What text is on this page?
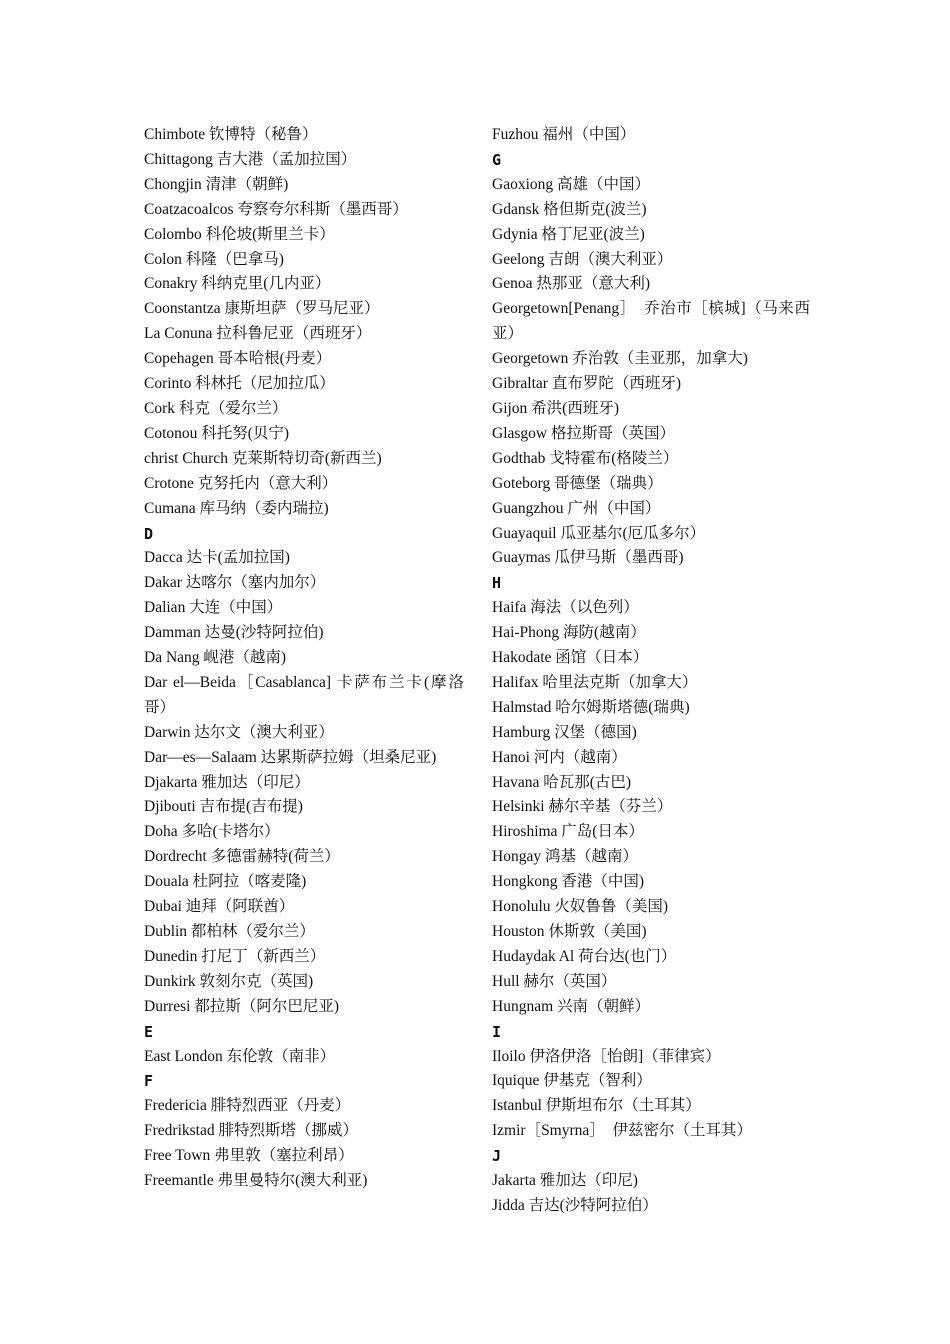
Chimbote 钦博特（秘鲁）
Chittagong 吉大港（孟加拉国）
Chongjin 清津（朝鲜)
Coatzacoalcos 夸察夸尔科斯（墨西哥）
Colombo 科伦坡(斯里兰卡）
Colon 科隆（巴拿马)
Conakry 科纳克里(几内亚）
Coonstantza 康斯坦萨（罗马尼亚）
La Conuna 拉科鲁尼亚（西班牙）
Copehagen 哥本哈根(丹麦）
Corinto 科林托（尼加拉瓜）
Cork 科克（爱尔兰）
Cotonou 科托努(贝宁)
christ Church 克莱斯特切奇(新西兰)
Crotone 克努托内（意大利）
Cumana 库马纳（委内瑞拉)
D
Dacca 达卡(孟加拉国)
Dakar 达喀尔（塞内加尔）
Dalian 大连（中国）
Damman 达曼(沙特阿拉伯)
Da Nang 岘港（越南)
Dar el—Beida［Casablanca] 卡萨布兰卡(摩洛哥）
Darwin 达尔文（澳大利亚）
Dar—es—Salaam 达累斯萨拉姆（坦桑尼亚)
Djakarta 雅加达（印尼）
Djibouti 吉布提(吉布提)
Doha 多哈(卡塔尔）
Dordrecht 多德雷赫特(荷兰）
Douala 杜阿拉（喀麦隆)
Dubai 迪拜（阿联酋）
Dublin 都柏林（爱尔兰）
Dunedin 打尼丁（新西兰）
Dunkirk 敦刻尔克（英国)
Durresi 都拉斯（阿尔巴尼亚)
E
East London 东伦敦（南非）
F
Fredericia 腓特烈西亚（丹麦）
Fredrikstad 腓特烈斯塔（挪威）
Free Town 弗里敦（塞拉利昂）
Freemantle 弗里曼特尔(澳大利亚)
Fuzhou 福州（中国）
G
Gaoxiong 高雄（中国）
Gdansk 格但斯克(波兰)
Gdynia 格丁尼亚(波兰)
Geelong 吉朗（澳大利亚）
Genoa 热那亚（意大利)
Georgetown[Penang］　乔治市［槟城]（马来西亚）
Georgetown 乔治敦（圭亚那，加拿大)
Gibraltar 直布罗陀（西班牙)
Gijon 希洪(西班牙)
Glasgow 格拉斯哥（英国）
Godthab 戈特霍布(格陵兰）
Goteborg 哥德堡（瑞典）
Guangzhou 广州（中国）
Guayaquil 瓜亚基尔(厄瓜多尔）
Guaymas 瓜伊马斯（墨西哥)
H
Haifa 海法（以色列）
Hai-Phong 海防(越南）
Hakodate 函馆（日本）
Halifax 哈里法克斯（加拿大）
Halmstad 哈尔姆斯塔德(瑞典)
Hamburg 汉堡（德国)
Hanoi 河内（越南）
Havana 哈瓦那(古巴)
Helsinki 赫尔辛基（芬兰）
Hiroshima 广岛(日本）
Hongay 鸿基（越南）
Hongkong 香港（中国)
Honolulu 火奴鲁鲁（美国)
Houston 休斯敦（美国)
Hudaydak Al 荷台达(也门）
Hull 赫尔（英国）
Hungnam 兴南（朝鲜）
I
Iloilo 伊洛伊洛［怡朗]（菲律宾）
Iquique 伊基克（智利）
Istanbul 伊斯坦布尔（土耳其）
Izmir［Smyrna］　伊兹密尔（土耳其）
J
Jakarta 雅加达（印尼)
Jidda 吉达(沙特阿拉伯）
